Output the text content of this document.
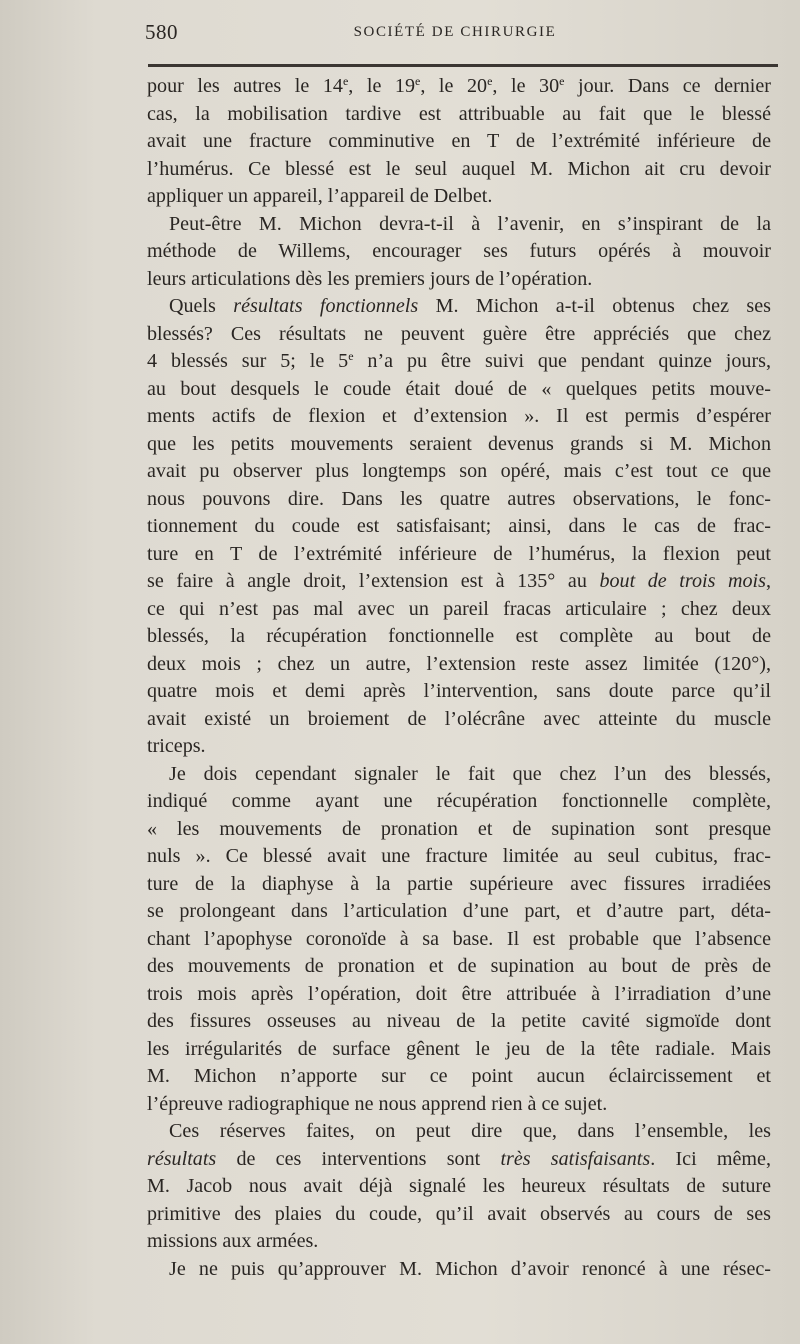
580	SOCIÉTÉ DE CHIRURGIE
pour les autres le 14e, le 19e, le 20e, le 30e jour. Dans ce dernier
cas, la mobilisation tardive est attribuable au fait que le blessé
avait une fracture comminutive en T de l’extrémité inférieure de
l’humérus. Ce blessé est le seul auquel M. Michon ait cru devoir
appliquer un appareil, l’appareil de Delbet.
Peut-être M. Michon devra-t-il à l’avenir, en s’inspirant de la
méthode de Willems, encourager ses futurs opérés à mouvoir
leurs articulations dès les premiers jours de l’opération.
Quels résultats fonctionnels M. Michon a-t-il obtenus chez ses
blessés? Ces résultats ne peuvent guère être appréciés que chez
4 blessés sur 5; le 5e n’a pu être suivi que pendant quinze jours,
au bout desquels le coude était doué de « quelques petits mouve-
ments actifs de flexion et d’extension ». Il est permis d’espérer
que les petits mouvements seraient devenus grands si M. Michon
avait pu observer plus longtemps son opéré, mais c’est tout ce que
nous pouvons dire. Dans les quatre autres observations, le fonc-
tionnement du coude est satisfaisant; ainsi, dans le cas de frac-
ture en T de l’extrémité inférieure de l’humérus, la flexion peut
se faire à angle droit, l’extension est à 135° au bout de trois mois,
ce qui n’est pas mal avec un pareil fracas articulaire ; chez deux
blessés, la récupération fonctionnelle est complète au bout de
deux mois ; chez un autre, l’extension reste assez limitée (120°),
quatre mois et demi après l’intervention, sans doute parce qu’il
avait existé un broiement de l’olécrâne avec atteinte du muscle
triceps.
Je dois cependant signaler le fait que chez l’un des blessés,
indiqué comme ayant une récupération fonctionnelle complète,
« les mouvements de pronation et de supination sont presque
nuls ». Ce blessé avait une fracture limitée au seul cubitus, frac-
ture de la diaphyse à la partie supérieure avec fissures irradiées
se prolongeant dans l’articulation d’une part, et d’autre part, déta-
chant l’apophyse coronoïde à sa base. Il est probable que l’absence
des mouvements de pronation et de supination au bout de près de
trois mois après l’opération, doit être attribuée à l’irradiation d’une
des fissures osseuses au niveau de la petite cavité sigmoïde dont
les irrégularités de surface gênent le jeu de la tête radiale. Mais
M. Michon n’apporte sur ce point aucun éclaircissement et
l’épreuve radiographique ne nous apprend rien à ce sujet.
Ces réserves faites, on peut dire que, dans l’ensemble, les
résultats de ces interventions sont très satisfaisants. Ici même,
M. Jacob nous avait déjà signalé les heureux résultats de suture
primitive des plaies du coude, qu’il avait observés au cours de ses
missions aux armées.
Je ne puis qu’approuver M. Michon d’avoir renoncé à une résec-
